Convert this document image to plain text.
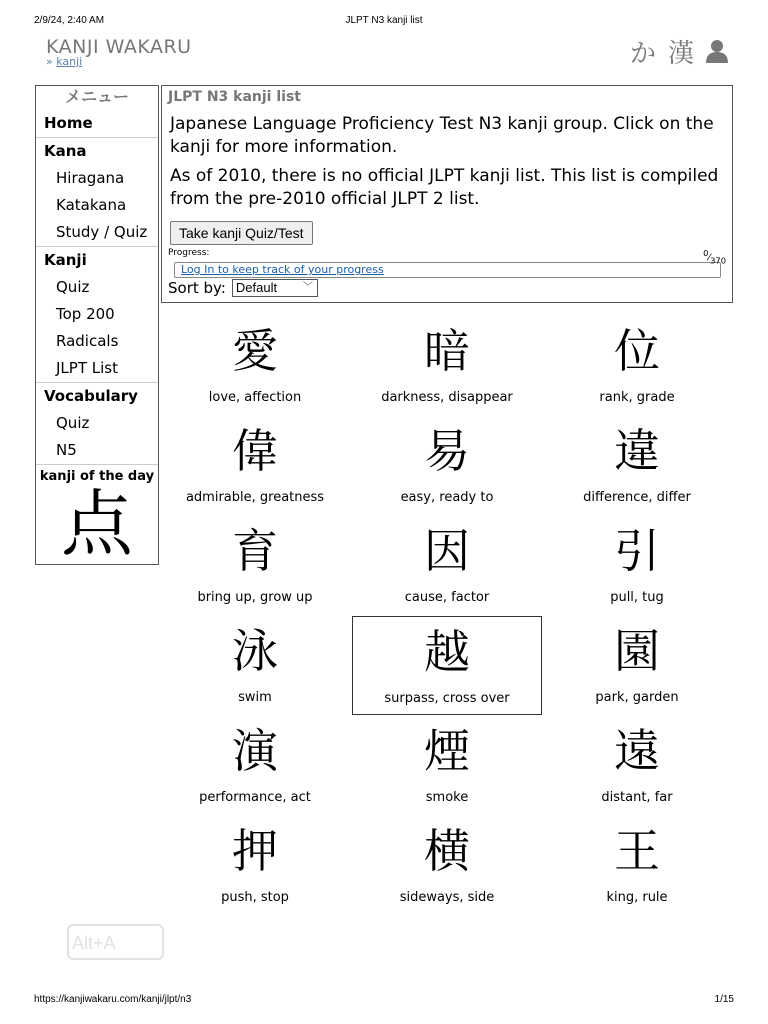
2/9/24, 2:40 AM	JLPT N3 kanji list
KANJI WAKARU
» kanji	か 漢
メニュー
Home
Kana
Hiragana
Katakana
Study / Quiz
Kanji
Quiz
Top 200
Radicals
JLPT List
Vocabulary
Quiz
N5
kanji of the day
点
JLPT N3 kanji list

Japanese Language Proficiency Test N3 kanji group. Click on the kanji for more information.

As of 2010, there is no official JLPT kanji list. This list is compiled from the pre-2010 official JLPT 2 list.

Take kanji Quiz/Test
Progress:	$^0⁄_{370}$
Log In to keep track of your progress
Sort by: Default	﹀
愛
love, affection
暗
darkness, disappear
位
rank, grade
偉
admirable, greatness
易
easy, ready to
違
difference, differ
育
bring up, grow up
因
cause, factor
引
pull, tug
泳
swim
越
surpass, cross over
園
park, garden
演
performance, act
煙
smoke
遠
distant, far
押
push, stop
横
sideways, side
王
king, rule
Alt+A
https://kanjiwakaru.com/kanji/jlpt/n3	1/15
